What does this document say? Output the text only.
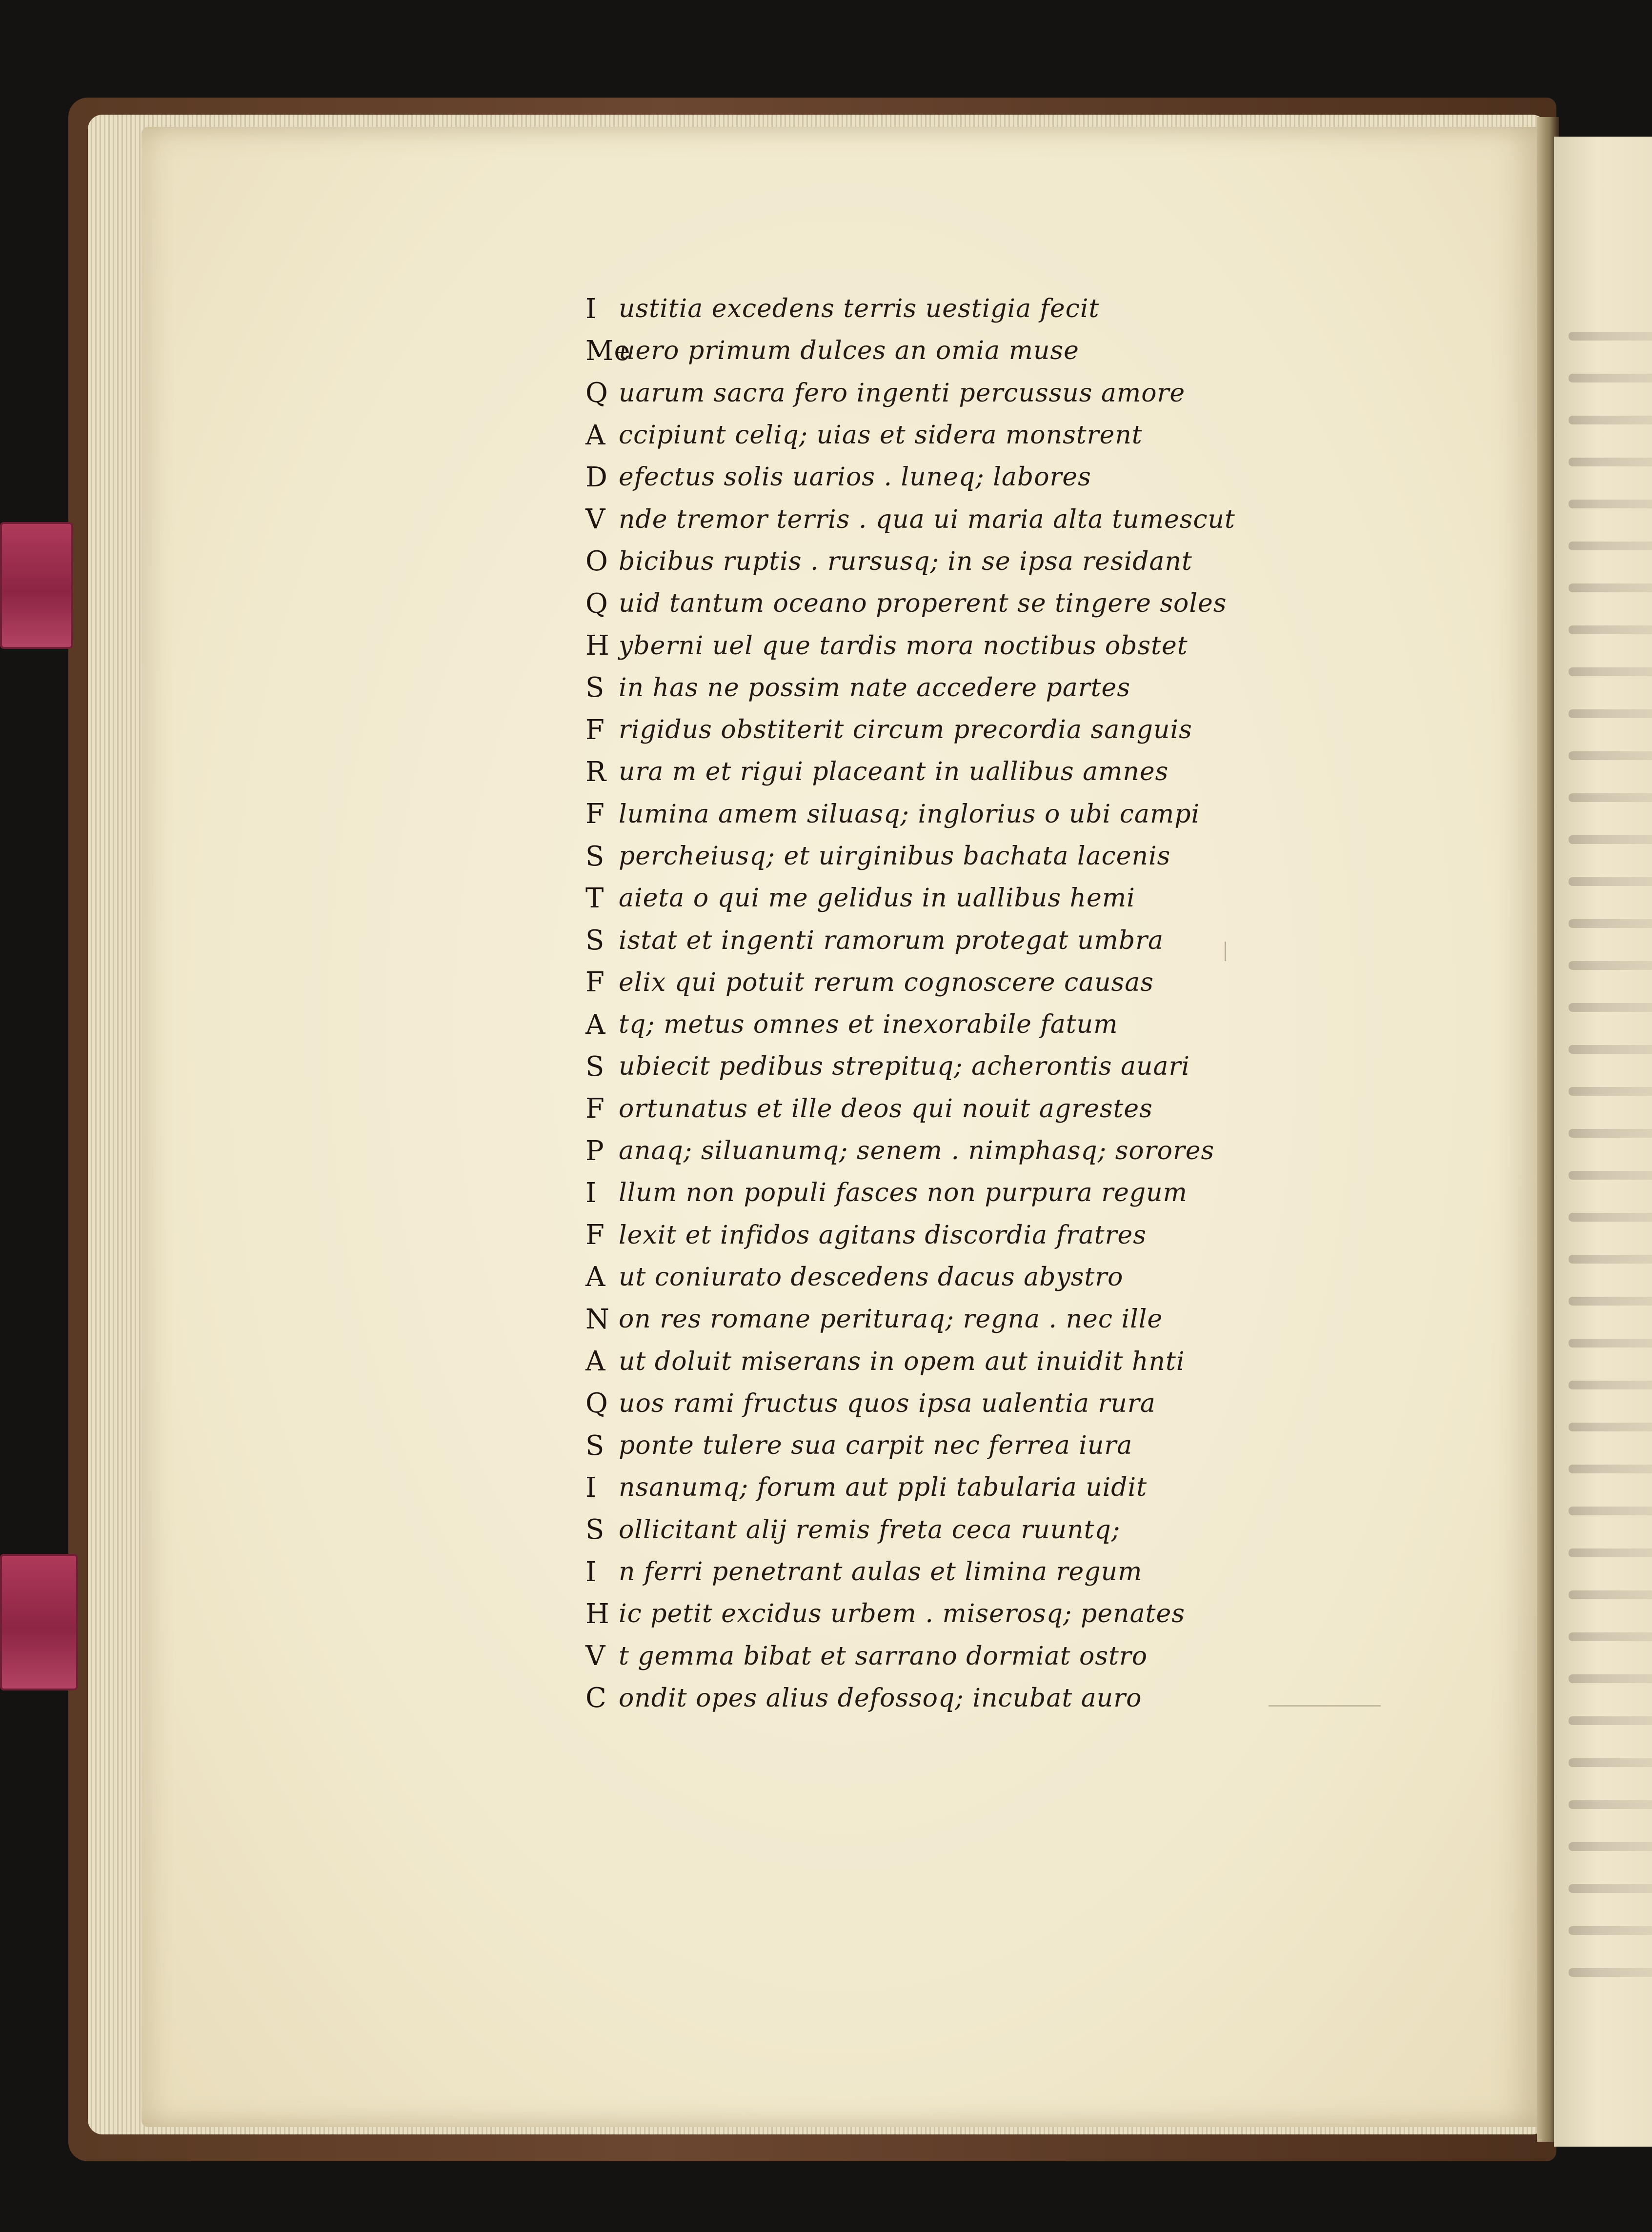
I ustitia excedens terris uestigia fecit
Me
uero primum dulces an omia muse
Q uarum sacra fero ingenti percussus amore
A ccipiunt celiq; uias et sidera monstrent
D efectus solis uarios . luneq; labores
V nde tremor terris . qua ui maria alta tumescut
O bicibus ruptis . rursusq; in se ipsa residant
Q uid tantum oceano properent se tingere soles
H yberni uel que tardis mora noctibus obstet
S in has ne possim nate accedere partes
F rigidus obstiterit circum precordia sanguis
R ura m et rigui placeant in uallibus amnes
F lumina amem siluasq; inglorius o ubi campi
S percheiusq; et uirginibus bachata lacenis
T aieta o qui me gelidus in uallibus hemi
S istat et ingenti ramorum protegat umbra
F elix qui potuit rerum cognoscere causas
A tq; metus omnes et inexorabile fatum
S ubiecit pedibus strepituq; acherontis auari
F ortunatus et ille deos qui nouit agrestes
P anaq; siluanumq; senem . nimphasq; sorores
I llum non populi fasces non purpura regum
F lexit et infidos agitans discordia fratres
A ut coniurato descedens dacus abystro
N on res romane perituraq; regna . nec ille
A ut doluit miserans in opem aut inuidit hnti
Q uos rami fructus quos ipsa ualentia rura
S ponte tulere sua carpit nec ferrea iura
I nsanumq; forum aut ppli tabularia uidit
S ollicitant alij remis freta ceca ruuntq;
I n ferri penetrant aulas et limina regum
H ic petit excidus urbem . miserosq; penates
V t gemma bibat et sarrano dormiat ostro
C ondit opes alius defossoq; incubat auro
